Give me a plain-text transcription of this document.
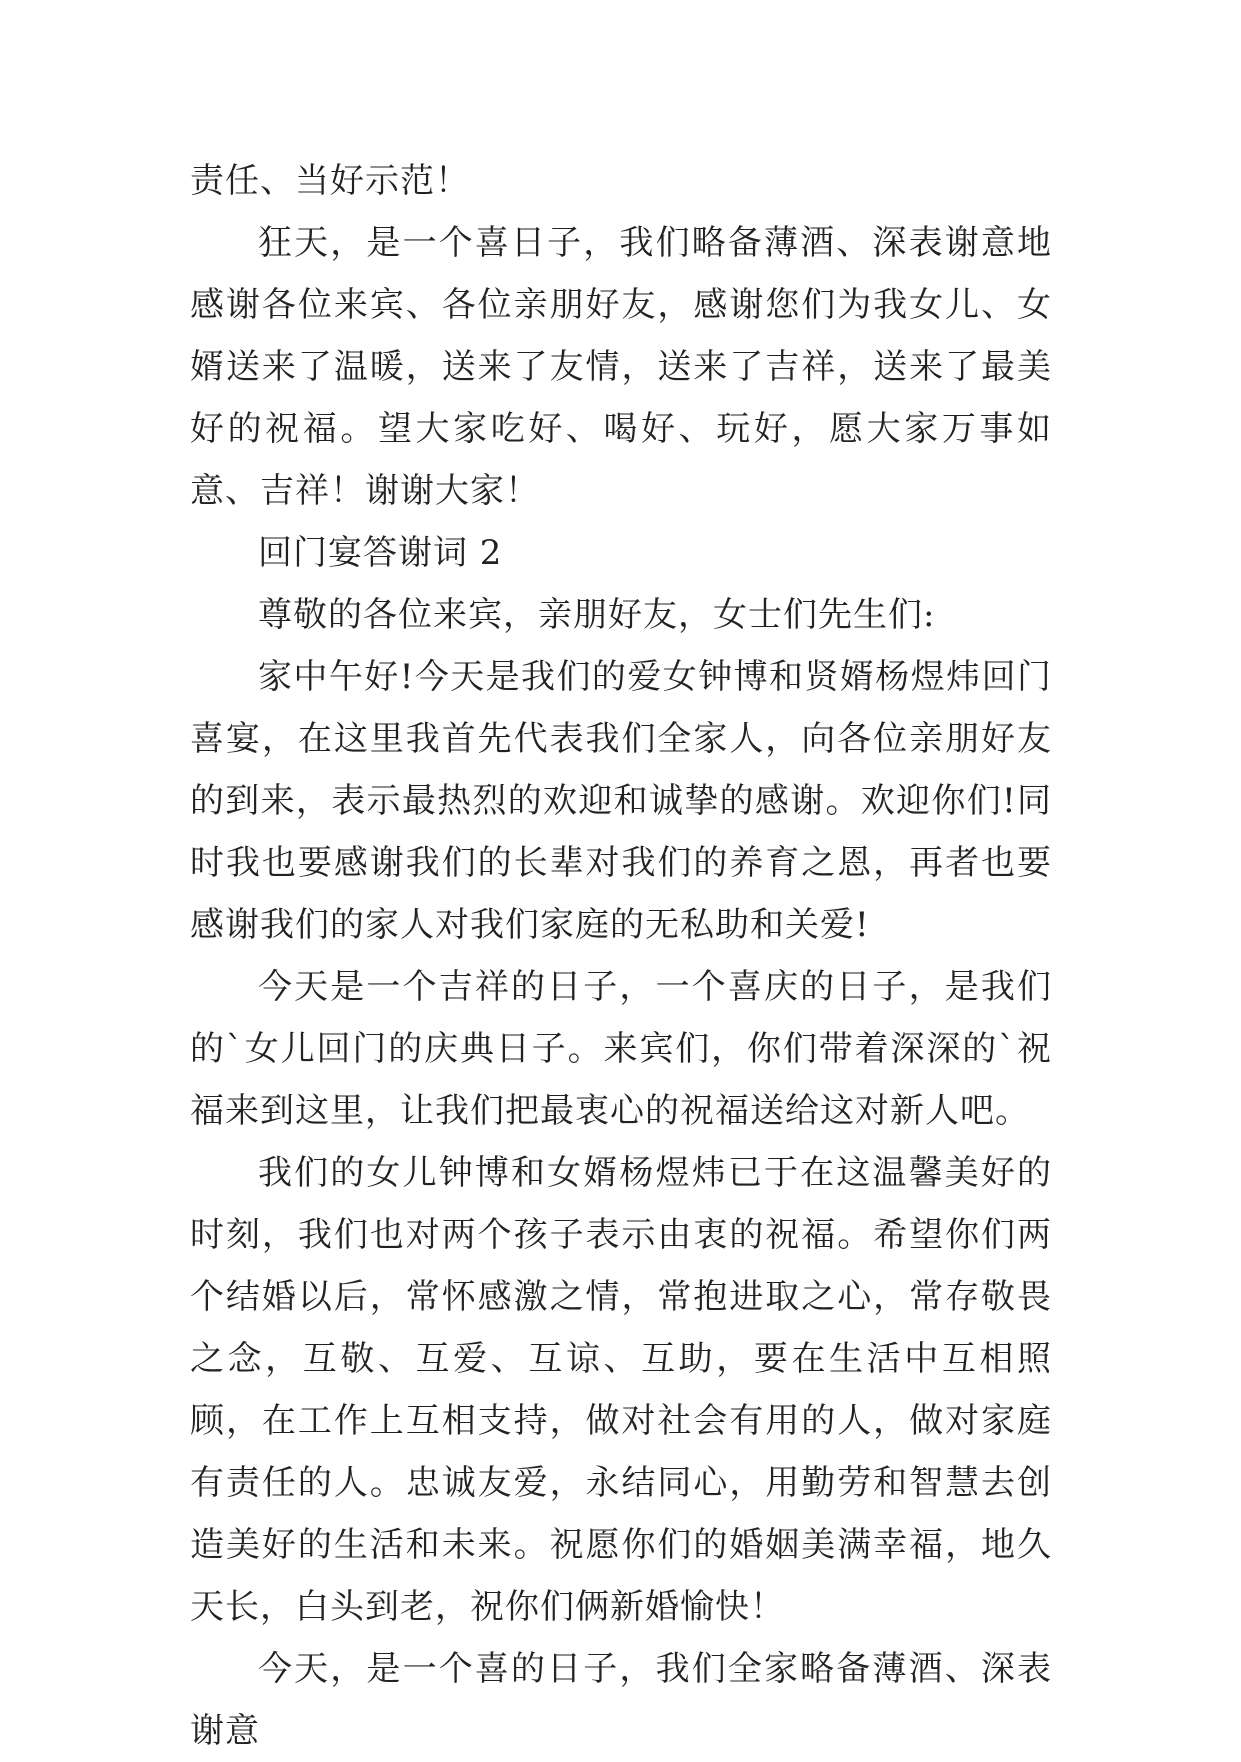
责任、当好示范！

狂天，是一个喜日子，我们略备薄酒、深表谢意地感谢各位来宾、各位亲朋好友，感谢您们为我女儿、女婿送来了温暖，送来了友情，送来了吉祥，送来了最美好的祝福。望大家吃好、喝好、玩好，愿大家万事如意、吉祥！谢谢大家！

回门宴答谢词 2

尊敬的各位来宾，亲朋好友，女士们先生们:

家中午好!今天是我们的爱女钟博和贤婿杨煜炜回门喜宴，在这里我首先代表我们全家人，向各位亲朋好友的到来，表示最热烈的欢迎和诚挚的感谢。欢迎你们!同时我也要感谢我们的长辈对我们的养育之恩，再者也要感谢我们的家人对我们家庭的无私助和关爱!

今天是一个吉祥的日子，一个喜庆的日子，是我们的`女儿回门的庆典日子。来宾们，你们带着深深的`祝福来到这里，让我们把最衷心的祝福送给这对新人吧。

我们的女儿钟博和女婿杨煜炜已于在这温馨美好的时刻，我们也对两个孩子表示由衷的祝福。希望你们两个结婚以后，常怀感激之情，常抱进取之心，常存敬畏之念，互敬、互爱、互谅、互助，要在生活中互相照顾，在工作上互相支持，做对社会有用的人，做对家庭有责任的人。忠诚友爱，永结同心，用勤劳和智慧去创造美好的生活和未来。祝愿你们的婚姻美满幸福，地久天长，白头到老，祝你们俩新婚愉快！

今天，是一个喜的日子，我们全家略备薄酒、深表谢意
